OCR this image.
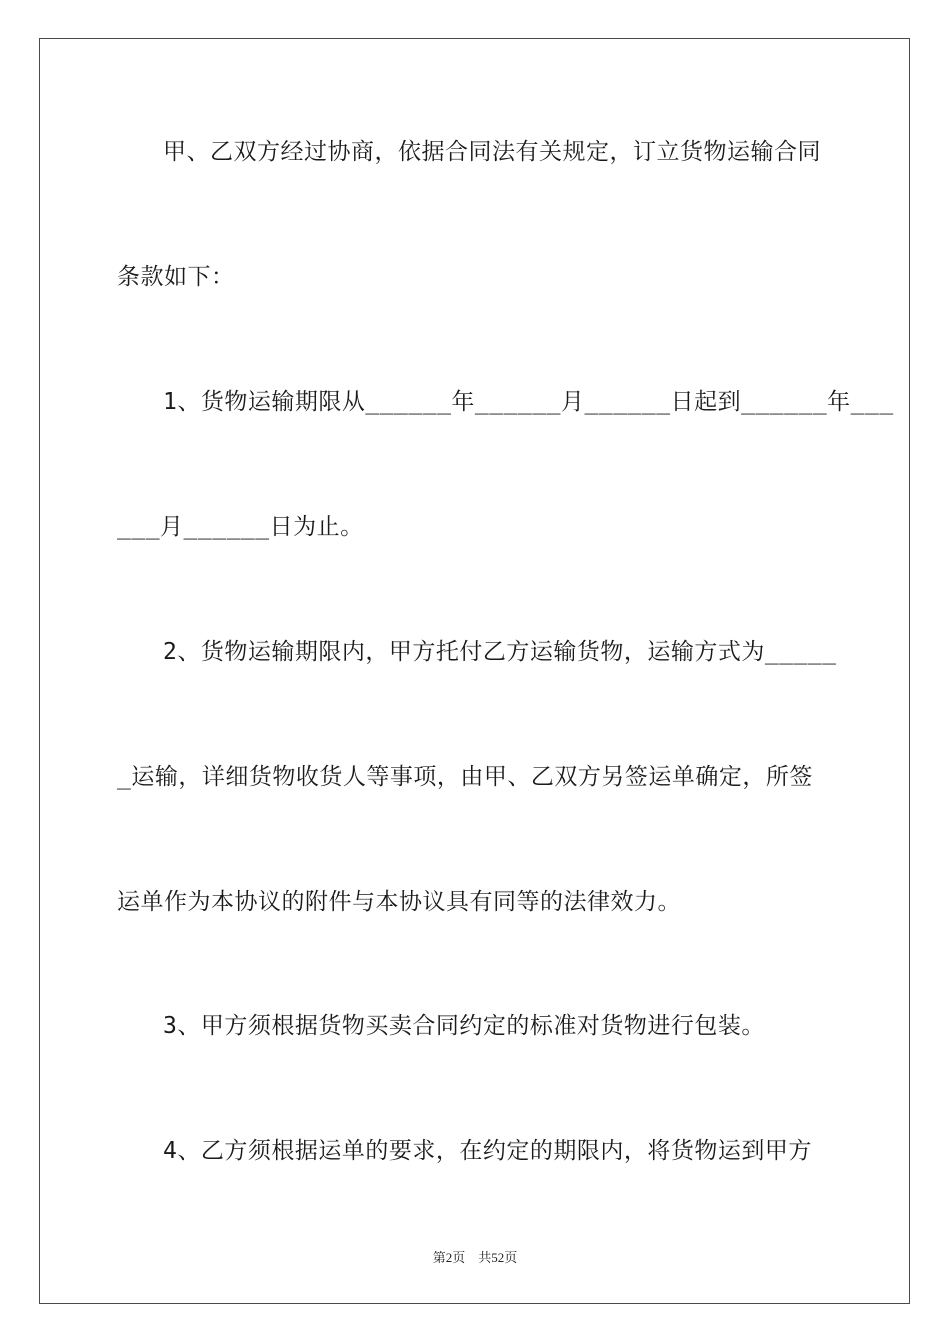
甲、乙双方经过协商，依据合同法有关规定，订立货物运输合同
条款如下：
1、货物运输期限从______年______月______日起到______年___
___月______日为止。
2、货物运输期限内，甲方托付乙方运输货物，运输方式为_____
_运输，详细货物收货人等事项，由甲、乙双方另签运单确定，所签
运单作为本协议的附件与本协议具有同等的法律效力。
3、甲方须根据货物买卖合同约定的标准对货物进行包装。
4、乙方须根据运单的要求，在约定的期限内，将货物运到甲方
第2页 共52页
